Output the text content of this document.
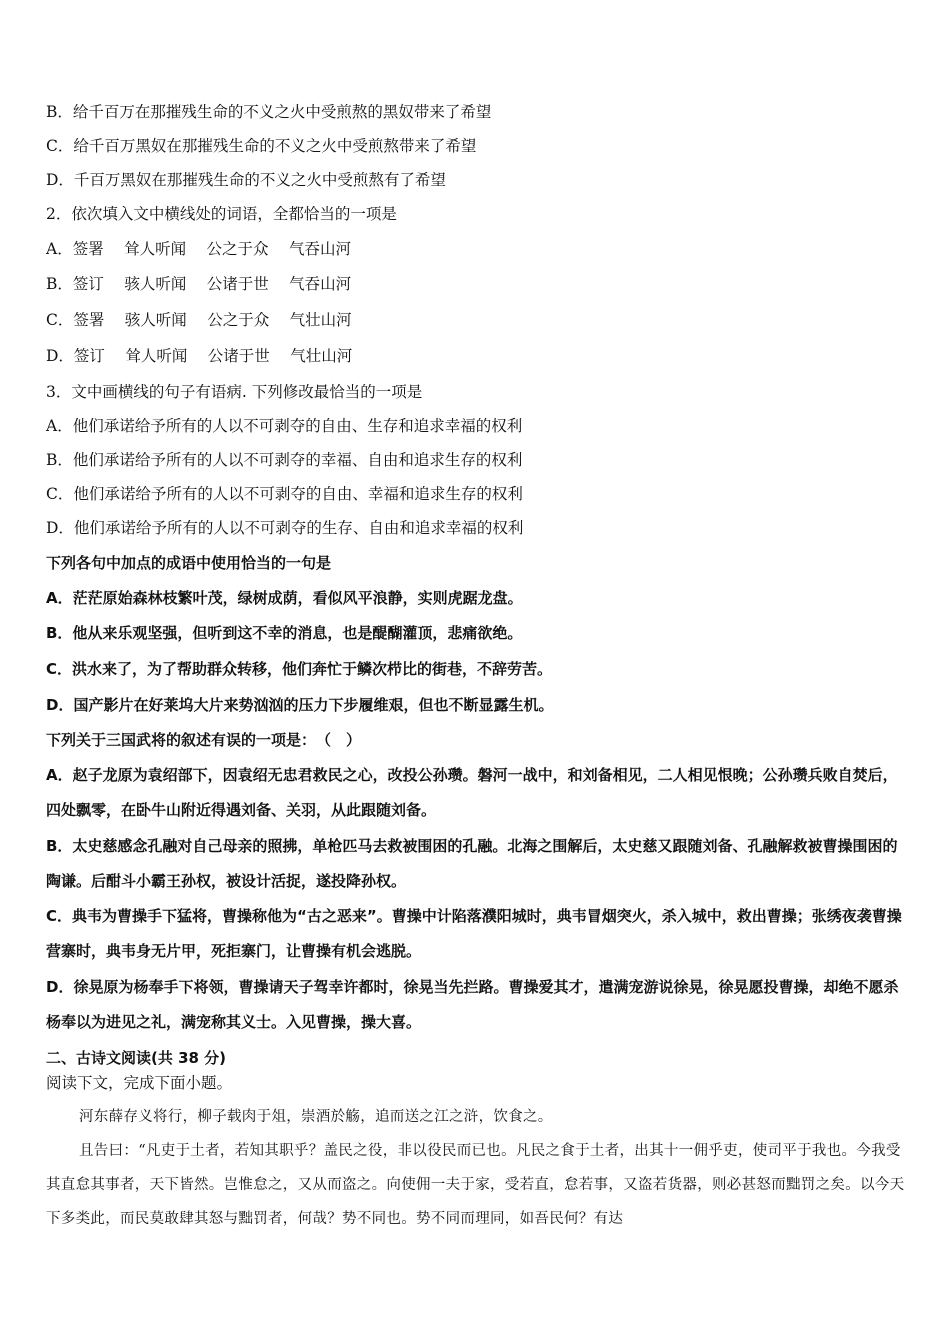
B．给千百万在那摧残生命的不义之火中受煎熬的黑奴带来了希望
C．给千百万黑奴在那摧残生命的不义之火中受煎熬带来了希望
D．千百万黑奴在那摧残生命的不义之火中受煎熬有了希望
2．依次填入文中横线处的词语，全都恰当的一项是
A．签署　 耸人听闻　 公之于众　 气吞山河
B．签订　 骇人听闻　 公诸于世　 气吞山河
C．签署　 骇人听闻　 公之于众　 气壮山河
D．签订　 耸人听闻　 公诸于世　 气壮山河
3．文中画横线的句子有语病. 下列修改最恰当的一项是
A．他们承诺给予所有的人以不可剥夺的自由、生存和追求幸福的权利
B．他们承诺给予所有的人以不可剥夺的幸福、自由和追求生存的权利
C．他们承诺给予所有的人以不可剥夺的自由、幸福和追求生存的权利
D．他们承诺给予所有的人以不可剥夺的生存、自由和追求幸福的权利
下列各句中加点的成语中使用恰当的一句是
A．茫茫原始森林枝繁叶茂，绿树成荫，看似风平浪静，实则虎踞龙盘。
B．他从来乐观坚强，但听到这不幸的消息，也是醍醐灌顶，悲痛欲绝。
C．洪水来了，为了帮助群众转移，他们奔忙于鳞次栉比的街巷，不辞劳苦。
D．国产影片在好莱坞大片来势汹汹的压力下步履维艰，但也不断显露生机。
下列关于三国武将的叙述有误的一项是：　（　）
A．赵子龙原为袁绍部下，因袁绍无忠君救民之心，改投公孙瓒。磐河一战中，和刘备相见，二人相见恨晚；公孙瓒兵败自焚后，四处飘零，在卧牛山附近得遇刘备、关羽，从此跟随刘备。
B．太史慈感念孔融对自己母亲的照拂，单枪匹马去救被围困的孔融。北海之围解后，太史慈又跟随刘备、孔融解救被曹操围困的陶谦。后酣斗小霸王孙权，被设计活捉，遂投降孙权。
C．典韦为曹操手下猛将，曹操称他为“古之恶来”。曹操中计陷落濮阳城时，典韦冒烟突火，杀入城中，救出曹操；张绣夜袭曹操营寨时，典韦身无片甲，死拒寨门，让曹操有机会逃脱。
D．徐晃原为杨奉手下将领，曹操请天子驾幸许都时，徐晃当先拦路。曹操爱其才，遣满宠游说徐晃，徐晃愿投曹操，却绝不愿杀杨奉以为进见之礼，满宠称其义士。入见曹操，操大喜。
二、古诗文阅读(共 38 分)
阅读下文，完成下面小题。
河东薛存义将行，柳子载肉于俎，崇酒於觞，追而送之江之浒，饮食之。
且告曰：“凡吏于土者，若知其职乎？盖民之役，非以役民而已也。凡民之食于土者，出其十一佣乎吏，使司平于我也。今我受其直怠其事者，天下皆然。岂惟怠之，又从而盗之。向使佣一夫于家，受若直，怠若事，又盗若货器，则必甚怒而黜罚之矣。以今天下多类此，而民莫敢肆其怒与黜罚者，何哉？势不同也。势不同而理同，如吾民何？有达
